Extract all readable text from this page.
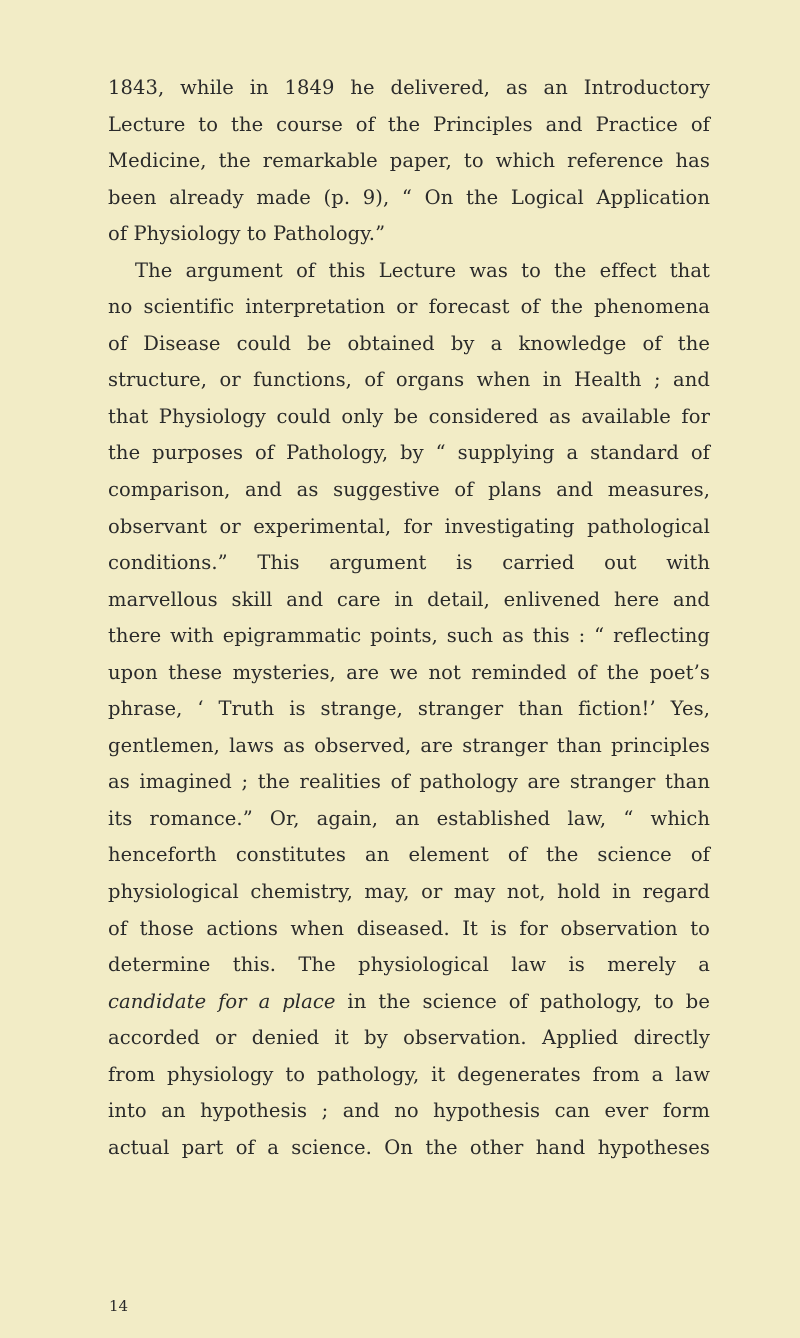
1843, while in 1849 he delivered, as an Introductory
Lecture to the course of the Principles and Practice of
Medicine, the remarkable paper, to which reference has
been already made (p. 9), “ On the Logical Application
of Physiology to Pathology.”
The argument of this Lecture was to the effect that
no scientific interpretation or forecast of the phenomena
of Disease could be obtained by a knowledge of the
structure, or functions, of organs when in Health ; and
that Physiology could only be considered as available for
the purposes of Pathology, by “ supplying a standard of
comparison, and as suggestive of plans and measures,
observant or experimental, for investigating pathological
conditions.” This argument is carried out with
marvellous skill and care in detail, enlivened here and
there with epigrammatic points, such as this : “ reflecting
upon these mysteries, are we not reminded of the poet’s
phrase, ‘ Truth is strange, stranger than fiction!’ Yes,
gentlemen, laws as observed, are stranger than principles
as imagined ; the realities of pathology are stranger than
its romance.” Or, again, an established law, “ which
henceforth constitutes an element of the science of
physiological chemistry, may, or may not, hold in regard
of those actions when diseased. It is for observation to
determine this. The physiological law is merely a
candidate for a place in the science of pathology, to be
accorded or denied it by observation. Applied directly
from physiology to pathology, it degenerates from a law
into an hypothesis ; and no hypothesis can ever form
actual part of a science. On the other hand hypotheses
14
